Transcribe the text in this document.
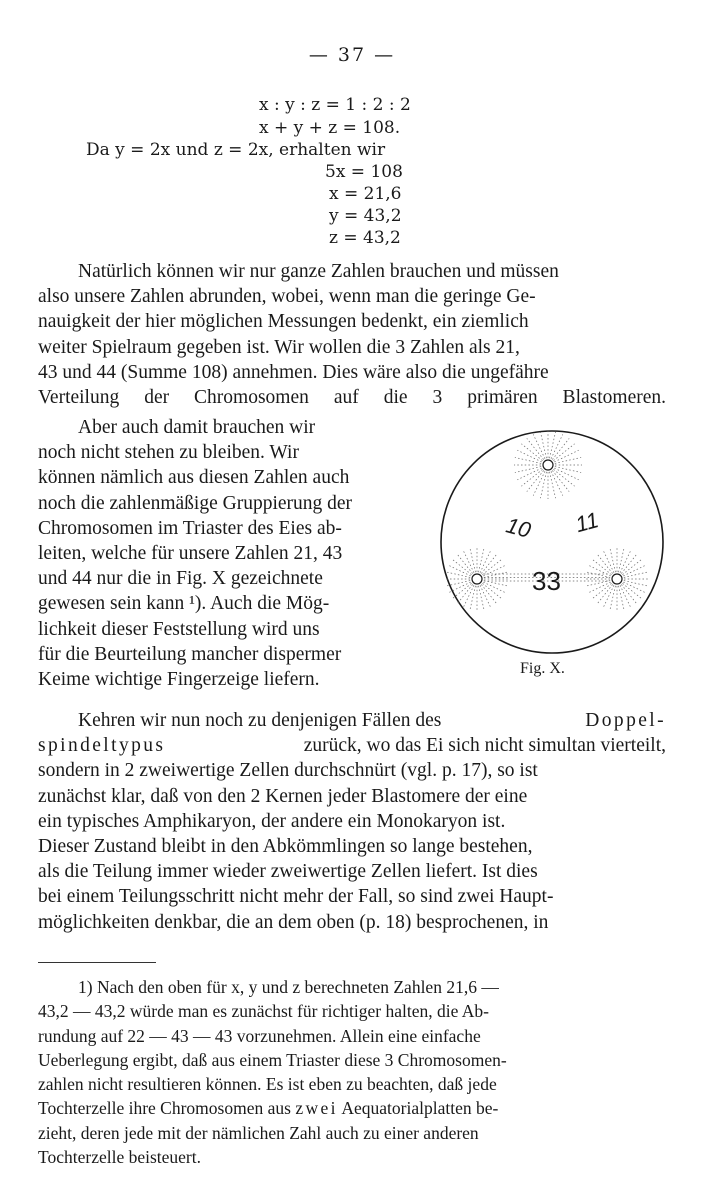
— 37 —
x : y : z = 1 : 2 : 2
x + y + z = 108.
Da y = 2x und z = 2x, erhalten wir
5x = 108
x = 21,6
y = 43,2
z = 43,2
Natürlich können wir nur ganze Zahlen brauchen und müssen
also unsere Zahlen abrunden, wobei, wenn man die geringe Ge-
nauigkeit der hier möglichen Messungen bedenkt, ein ziemlich
weiter Spielraum gegeben ist. Wir wollen die 3 Zahlen als 21,
43 und 44 (Summe 108) annehmen. Dies wäre also die ungefähre
Verteilung der Chromosomen auf die 3 primären Blastomeren.
Aber auch damit brauchen wir
noch nicht stehen zu bleiben. Wir
können nämlich aus diesen Zahlen auch
noch die zahlenmäßige Gruppierung der
Chromosomen im Triaster des Eies ab-
leiten, welche für unsere Zahlen 21, 43
und 44 nur die in Fig. X gezeichnete
gewesen sein kann ¹). Auch die Mög-
lichkeit dieser Feststellung wird uns
für die Beurteilung mancher dispermer
Keime wichtige Fingerzeige liefern.
10 11
33
Fig. X.
Kehren wir nun noch zu denjenigen Fällen des	Doppel-
spindeltypus	zurück, wo das Ei sich nicht simultan vierteilt,
sondern in 2 zweiwertige Zellen durchschnürt (vgl. p. 17), so ist
zunächst klar, daß von den 2 Kernen jeder Blastomere der eine
ein typisches Amphikaryon, der andere ein Monokaryon ist.
Dieser Zustand bleibt in den Abkömmlingen so lange bestehen,
als die Teilung immer wieder zweiwertige Zellen liefert. Ist dies
bei einem Teilungsschritt nicht mehr der Fall, so sind zwei Haupt-
möglichkeiten denkbar, die an dem oben (p. 18) besprochenen, in
1) Nach den oben für x, y und z berechneten Zahlen 21,6 —
43,2 — 43,2 würde man es zunächst für richtiger halten, die Ab-
rundung auf 22 — 43 — 43 vorzunehmen. Allein eine einfache
Ueberlegung ergibt, daß aus einem Triaster diese 3 Chromosomen-
zahlen nicht resultieren können. Es ist eben zu beachten, daß jede
Tochterzelle ihre Chromosomen aus zwei Aequatorialplatten be-
zieht, deren jede mit der nämlichen Zahl auch zu einer anderen
Tochterzelle beisteuert.
